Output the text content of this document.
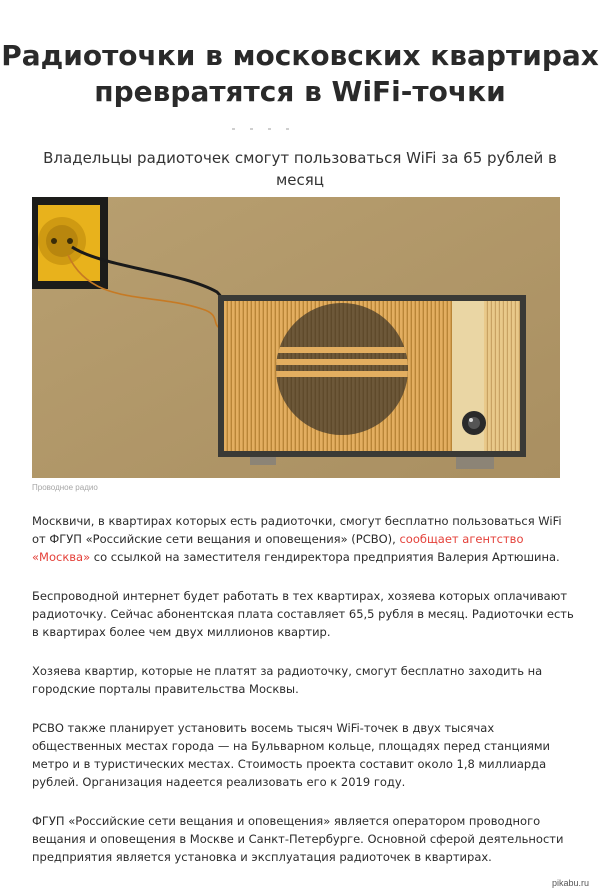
Радиоточки в московских квартирах превратятся в WiFi-точки

Владельцы радиоточек смогут пользоваться WiFi за 65 рублей в месяц

Проводное радио

Москвичи, в квартирах которых есть радиоточки, смогут бесплатно пользоваться WiFi от ФГУП «Российские сети вещания и оповещения» (РСВО), сообщает агентство «Москва» со ссылкой на заместителя гендиректора предприятия Валерия Артюшина.

Беспроводной интернет будет работать в тех квартирах, хозяева которых оплачивают радиоточку. Сейчас абонентская плата составляет 65,5 рубля в месяц. Радиоточки есть в квартирах более чем двух миллионов квартир.

Хозяева квартир, которые не платят за радиоточку, смогут бесплатно заходить на городские порталы правительства Москвы.

РСВО также планирует установить восемь тысяч WiFi-точек в двух тысячах общественных местах города — на Бульварном кольце, площадях перед станциями метро и в туристических местах. Стоимость проекта составит около 1,8 миллиарда рублей. Организация надеется реализовать его к 2019 году.

ФГУП «Российские сети вещания и оповещения» является оператором проводного вещания и оповещения в Москве и Санкт-Петербурге. Основной сферой деятельности предприятия является установка и эксплуатация радиоточек в квартирах.

pikabu.ru
